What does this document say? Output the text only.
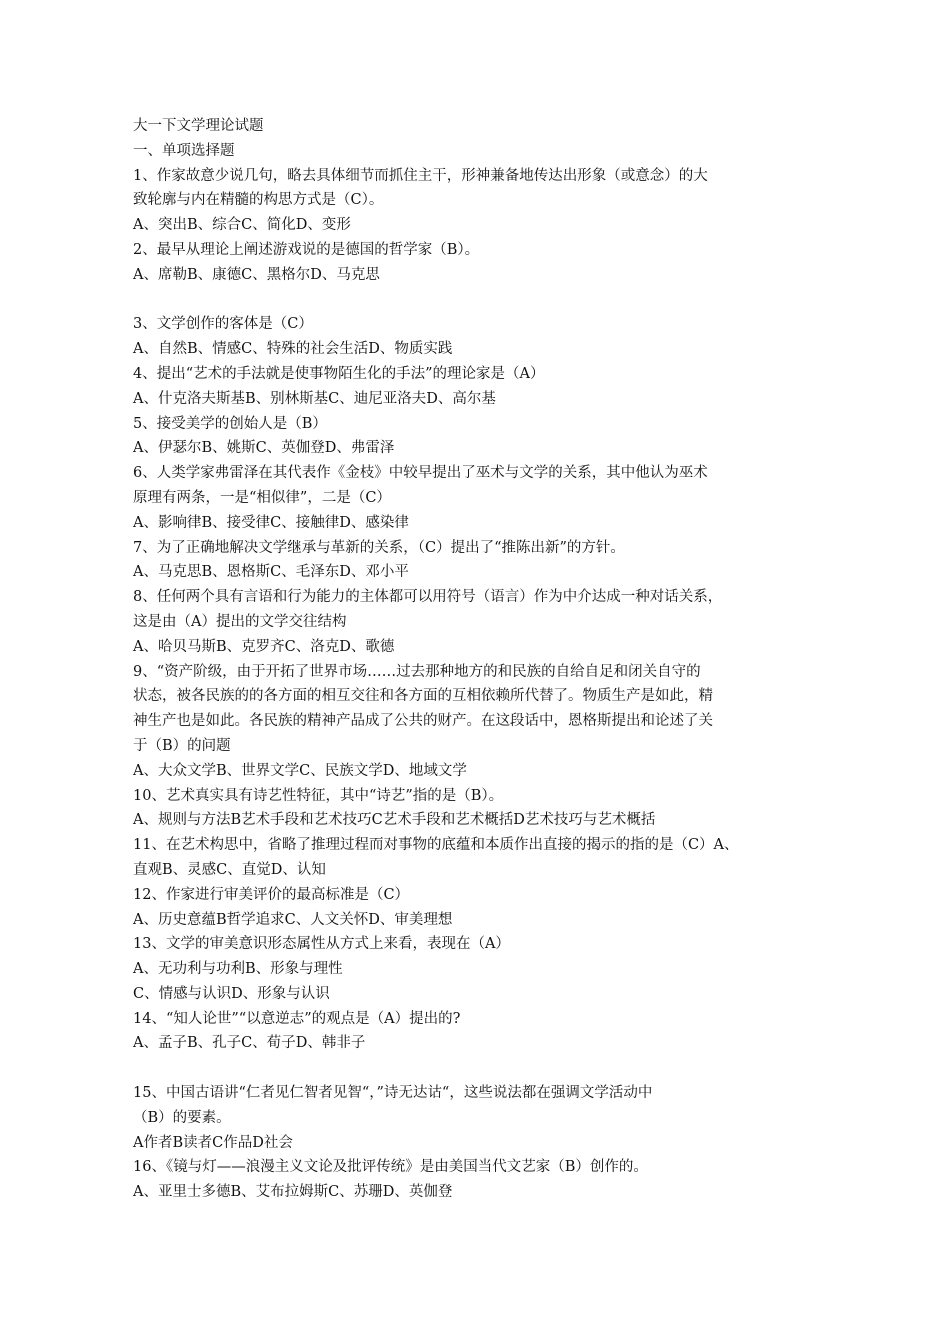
大一下文学理论试题
一、单项选择题
1、作家故意少说几句，略去具体细节而抓住主干，形神兼备地传达出形象（或意念）的大
致轮廓与内在精髓的构思方式是（C）。
A、突出B、综合C、简化D、变形
2、最早从理论上阐述游戏说的是德国的哲学家（B）。
A、席勒B、康德C、黑格尔D、马克思
3、文学创作的客体是（C）
A、自然B、情感C、特殊的社会生活D、物质实践
4、提出“艺术的手法就是使事物陌生化的手法”的理论家是（A）
A、什克洛夫斯基B、别林斯基C、迪尼亚洛夫D、高尔基
5、接受美学的创始人是（B）
A、伊瑟尔B、姚斯C、英伽登D、弗雷泽
6、人类学家弗雷泽在其代表作《金枝》中较早提出了巫术与文学的关系，其中他认为巫术
原理有两条，一是“相似律”，二是（C）
A、影响律B、接受律C、接触律D、感染律
7、为了正确地解决文学继承与革新的关系，（C）提出了“推陈出新”的方针。
A、马克思B、恩格斯C、毛泽东D、邓小平
8、任何两个具有言语和行为能力的主体都可以用符号（语言）作为中介达成一种对话关系，
这是由（A）提出的文学交往结构
A、哈贝马斯B、克罗齐C、洛克D、歌德
9、“资产阶级，由于开拓了世界市场……过去那种地方的和民族的自给自足和闭关自守的
状态，被各民族的的各方面的相互交往和各方面的互相依赖所代替了。物质生产是如此，精
神生产也是如此。各民族的精神产品成了公共的财产。在这段话中，恩格斯提出和论述了关
于（B）的问题
A、大众文学B、世界文学C、民族文学D、地域文学
10、艺术真实具有诗艺性特征，其中“诗艺”指的是（B）。
A、规则与方法B艺术手段和艺术技巧C艺术手段和艺术概括D艺术技巧与艺术概括
11、在艺术构思中，省略了推理过程而对事物的底蕴和本质作出直接的揭示的指的是（C）A、
直观B、灵感C、直觉D、认知
12、作家进行审美评价的最高标准是（C）
A、历史意蕴B哲学追求C、人文关怀D、审美理想
13、文学的审美意识形态属性从方式上来看，表现在（A）
A、无功利与功利B、形象与理性
C、情感与认识D、形象与认识
14、“知人论世”“以意逆志”的观点是（A）提出的?
A、孟子B、孔子C、荀子D、韩非子
15、中国古语讲“仁者见仁智者见智“，”诗无达诂“，这些说法都在强调文学活动中
（B）的要素。
A作者B读者C作品D社会
16、《镜与灯——浪漫主义文论及批评传统》是由美国当代文艺家（B）创作的。
A、亚里士多德B、艾布拉姆斯C、苏珊D、英伽登
